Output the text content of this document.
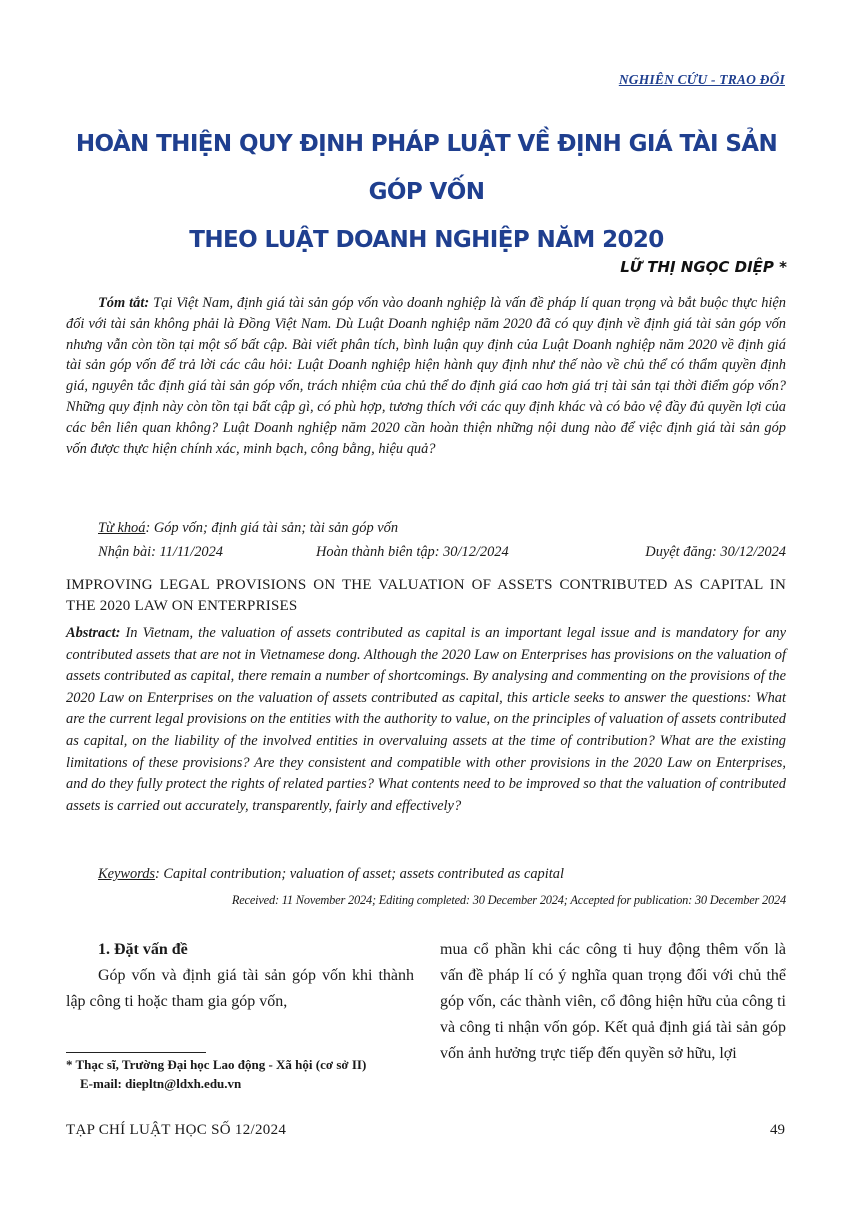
NGHIÊN CỨU - TRAO ĐỔI
HOÀN THIỆN QUY ĐỊNH PHÁP LUẬT VỀ ĐỊNH GIÁ TÀI SẢN GÓP VỐN
THEO LUẬT DOANH NGHIỆP NĂM 2020
LỮ THỊ NGỌC DIỆP *

Tóm tắt: Tại Việt Nam, định giá tài sản góp vốn vào doanh nghiệp là vấn đề pháp lí quan trọng và bắt buộc thực hiện đối với tài sản không phải là Đồng Việt Nam. Dù Luật Doanh nghiệp năm 2020 đã có quy định về định giá tài sản góp vốn nhưng vẫn còn tồn tại một số bất cập. Bài viết phân tích, bình luận quy định của Luật Doanh nghiệp năm 2020 về định giá tài sản góp vốn để trả lời các câu hỏi: Luật Doanh nghiệp hiện hành quy định như thế nào về chủ thể có thẩm quyền định giá, nguyên tắc định giá tài sản góp vốn, trách nhiệm của chủ thể do định giá cao hơn giá trị tài sản tại thời điểm góp vốn? Những quy định này còn tồn tại bất cập gì, có phù hợp, tương thích với các quy định khác và có bảo vệ đầy đủ quyền lợi của các bên liên quan không? Luật Doanh nghiệp năm 2020 cần hoàn thiện những nội dung nào để việc định giá tài sản góp vốn được thực hiện chính xác, minh bạch, công bằng, hiệu quả?

Từ khoá: Góp vốn; định giá tài sản; tài sản góp vốn
Nhận bài: 11/11/2024	Hoàn thành biên tập: 30/12/2024	Duyệt đăng: 30/12/2024
IMPROVING LEGAL PROVISIONS ON THE VALUATION OF ASSETS CONTRIBUTED AS CAPITAL IN THE 2020 LAW ON ENTERPRISES

Abstract: In Vietnam, the valuation of assets contributed as capital is an important legal issue and is mandatory for any contributed assets that are not in Vietnamese dong. Although the 2020 Law on Enterprises has provisions on the valuation of assets contributed as capital, there remain a number of shortcomings. By analysing and commenting on the provisions of the 2020 Law on Enterprises on the valuation of assets contributed as capital, this article seeks to answer the questions: What are the current legal provisions on the entities with the authority to value, on the principles of valuation of assets contributed as capital, on the liability of the involved entities in overvaluing assets at the time of contribution? What are the existing limitations of these provisions? Are they consistent and compatible with other provisions in the 2020 Law on Enterprises, and do they fully protect the rights of related parties? What contents need to be improved so that the valuation of contributed assets is carried out accurately, transparently, fairly and effectively?

Keywords: Capital contribution; valuation of asset; assets contributed as capital
Received: 11 November 2024; Editing completed: 30 December 2024; Accepted for publication: 30 December 2024
1. Đặt vấn đề

Góp vốn và định giá tài sản góp vốn khi thành lập công ti hoặc tham gia góp vốn,

mua cổ phần khi các công ti huy động thêm vốn là vấn đề pháp lí có ý nghĩa quan trọng đối với chủ thể góp vốn, các thành viên, cổ đông hiện hữu của công ti và công ti nhận vốn góp. Kết quả định giá tài sản góp vốn ảnh hưởng trực tiếp đến quyền sở hữu, lợi

* Thạc sĩ, Trường Đại học Lao động - Xã hội (cơ sở II)
E-mail: diepltn@ldxh.edu.vn
TẠP CHÍ LUẬT HỌC SỐ 12/2024	49
